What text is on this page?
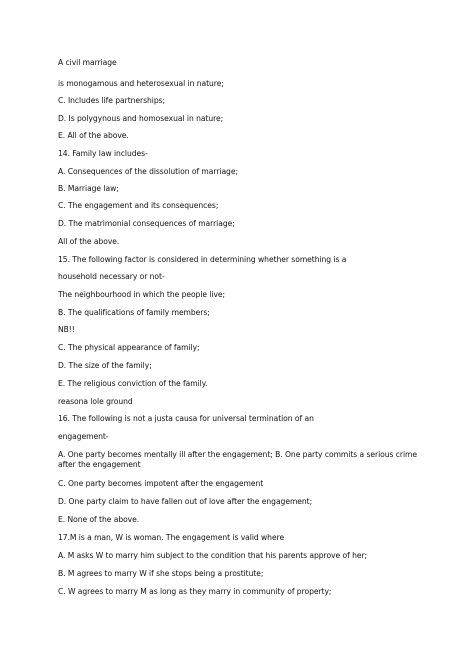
A civil marriage
is monogamous and heterosexual in nature;
C. Includes life partnerships;
D. Is polygynous and homosexual in nature;
E. All of the above.
14. Family law includes-
A. Consequences of the dissolution of marriage;
B. Marriage law;
C. The engagement and its consequences;
D. The matrimonial consequences of marriage;
All of the above.
15. The following factor is considered in determining whether something is a
household necessary or not-
The neighbourhood in which the people live;
B. The qualifications of family members;
NB!!
C. The physical appearance of family;
D. The size of the family;
E. The religious conviction of the family.
reasona lole ground
16. The following is not a justa causa for universal termination of an
engagement-
A. One party becomes mentally ill after the engagement; B. One party commits a serious crime after the engagement
C. One party becomes impotent after the engagement
D. One party claim to have fallen out of love after the engagement;
E. None of the above.
17.M is a man, W is woman. The engagement is valid where
A. M asks W to marry him subject to the condition that his parents approve of her;
B. M agrees to marry W if she stops being a prostitute;
C. W agrees to marry M as long as they marry in community of property;
